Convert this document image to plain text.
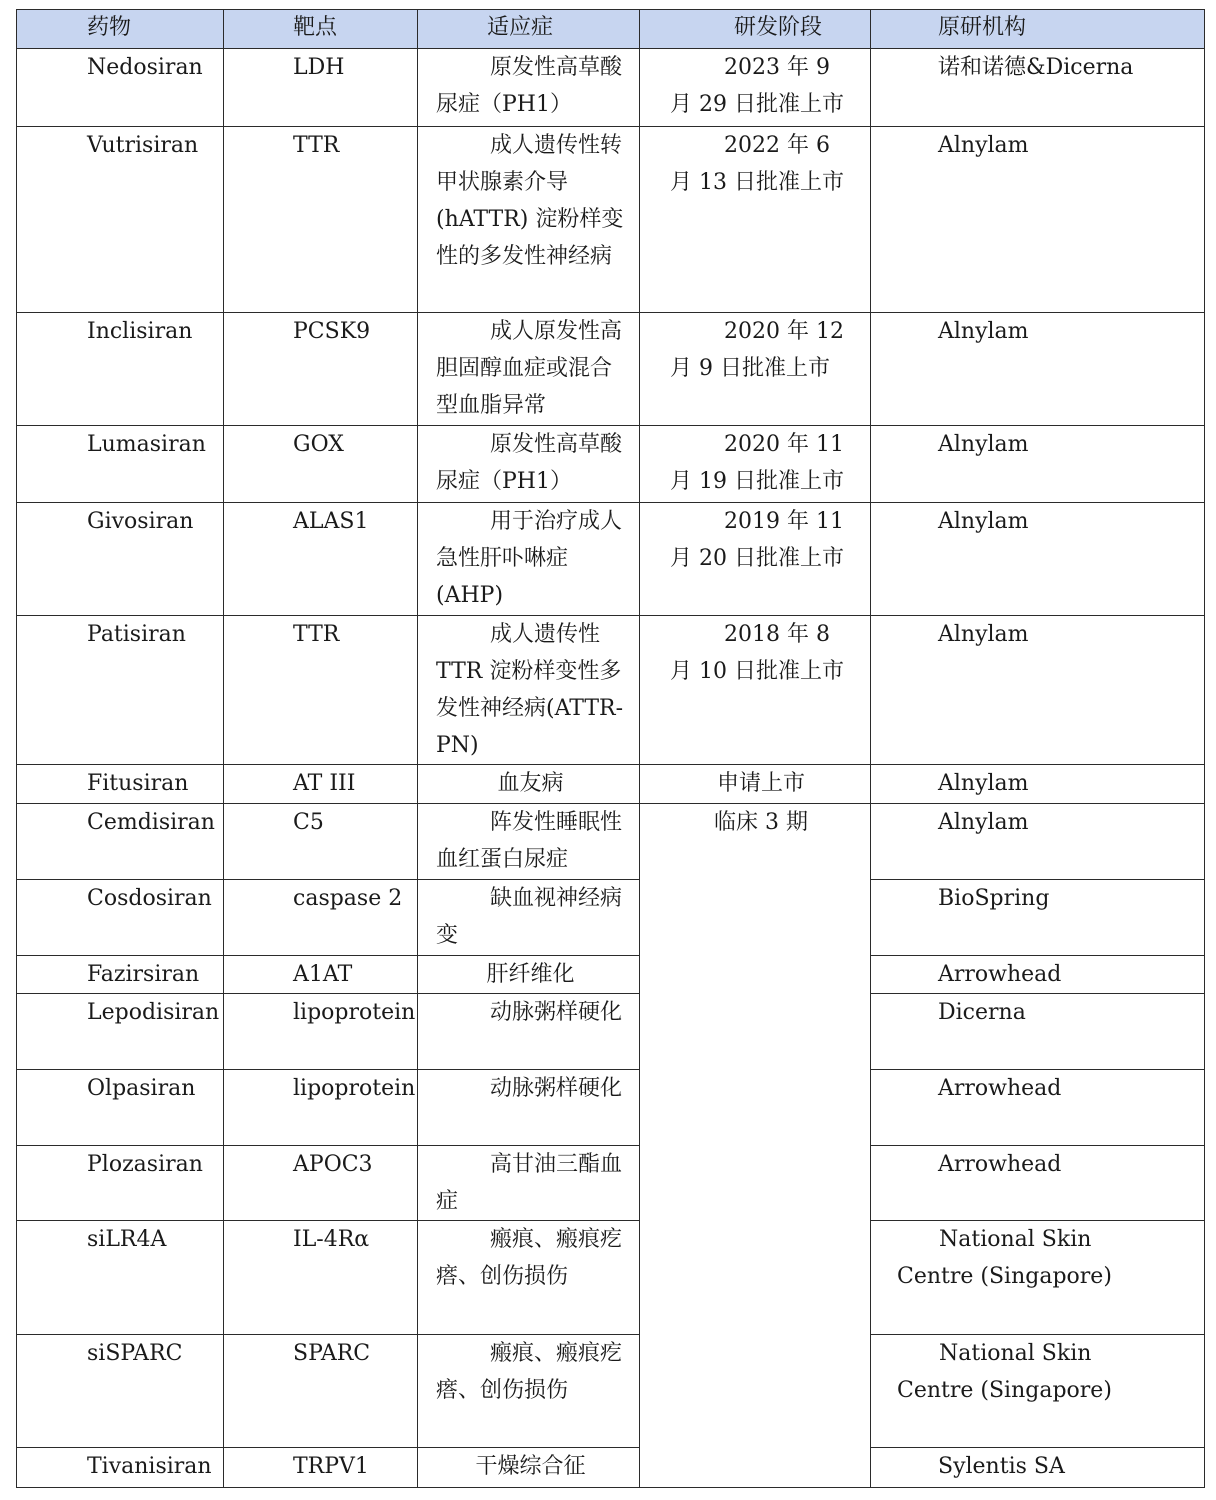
药物	靶点	适应症	研发阶段	原研机构
Nedosiran	LDH	原发性高草酸尿症（PH1）	2023 年 9 月 29 日批准上市	诺和诺德&Dicerna
Vutrisiran	TTR	成人遗传性转甲状腺素介导(hATTR) 淀粉样变性的多发性神经病	2022 年 6 月 13 日批准上市	Alnylam
Inclisiran	PCSK9	成人原发性高胆固醇血症或混合型血脂异常	2020 年 12 月 9 日批准上市	Alnylam
Lumasiran	GOX	原发性高草酸尿症（PH1）	2020 年 11 月 19 日批准上市	Alnylam
Givosiran	ALAS1	用于治疗成人急性肝卟啉症(AHP)	2019 年 11 月 20 日批准上市	Alnylam
Patisiran	TTR	成人遗传性TTR 淀粉样变性多发性神经病(ATTR-PN)	2018 年 8 月 10 日批准上市	Alnylam
Fitusiran	AT III	血友病	申请上市	Alnylam
Cemdisiran	C5	阵发性睡眠性血红蛋白尿症	临床 3 期	Alnylam
Cosdosiran	caspase 2	缺血视神经病变		BioSpring
Fazirsiran	A1AT	肝纤维化		Arrowhead
Lepodisiran	lipoprotein	动脉粥样硬化		Dicerna
Olpasiran	lipoprotein	动脉粥样硬化		Arrowhead
Plozasiran	APOC3	高甘油三酯血症		Arrowhead
siLR4A	IL-4Rα	瘢痕、瘢痕疙瘩、创伤损伤		National Skin Centre (Singapore)
siSPARC	SPARC	瘢痕、瘢痕疙瘩、创伤损伤		National Skin Centre (Singapore)
Tivanisiran	TRPV1	干燥综合征		Sylentis SA
